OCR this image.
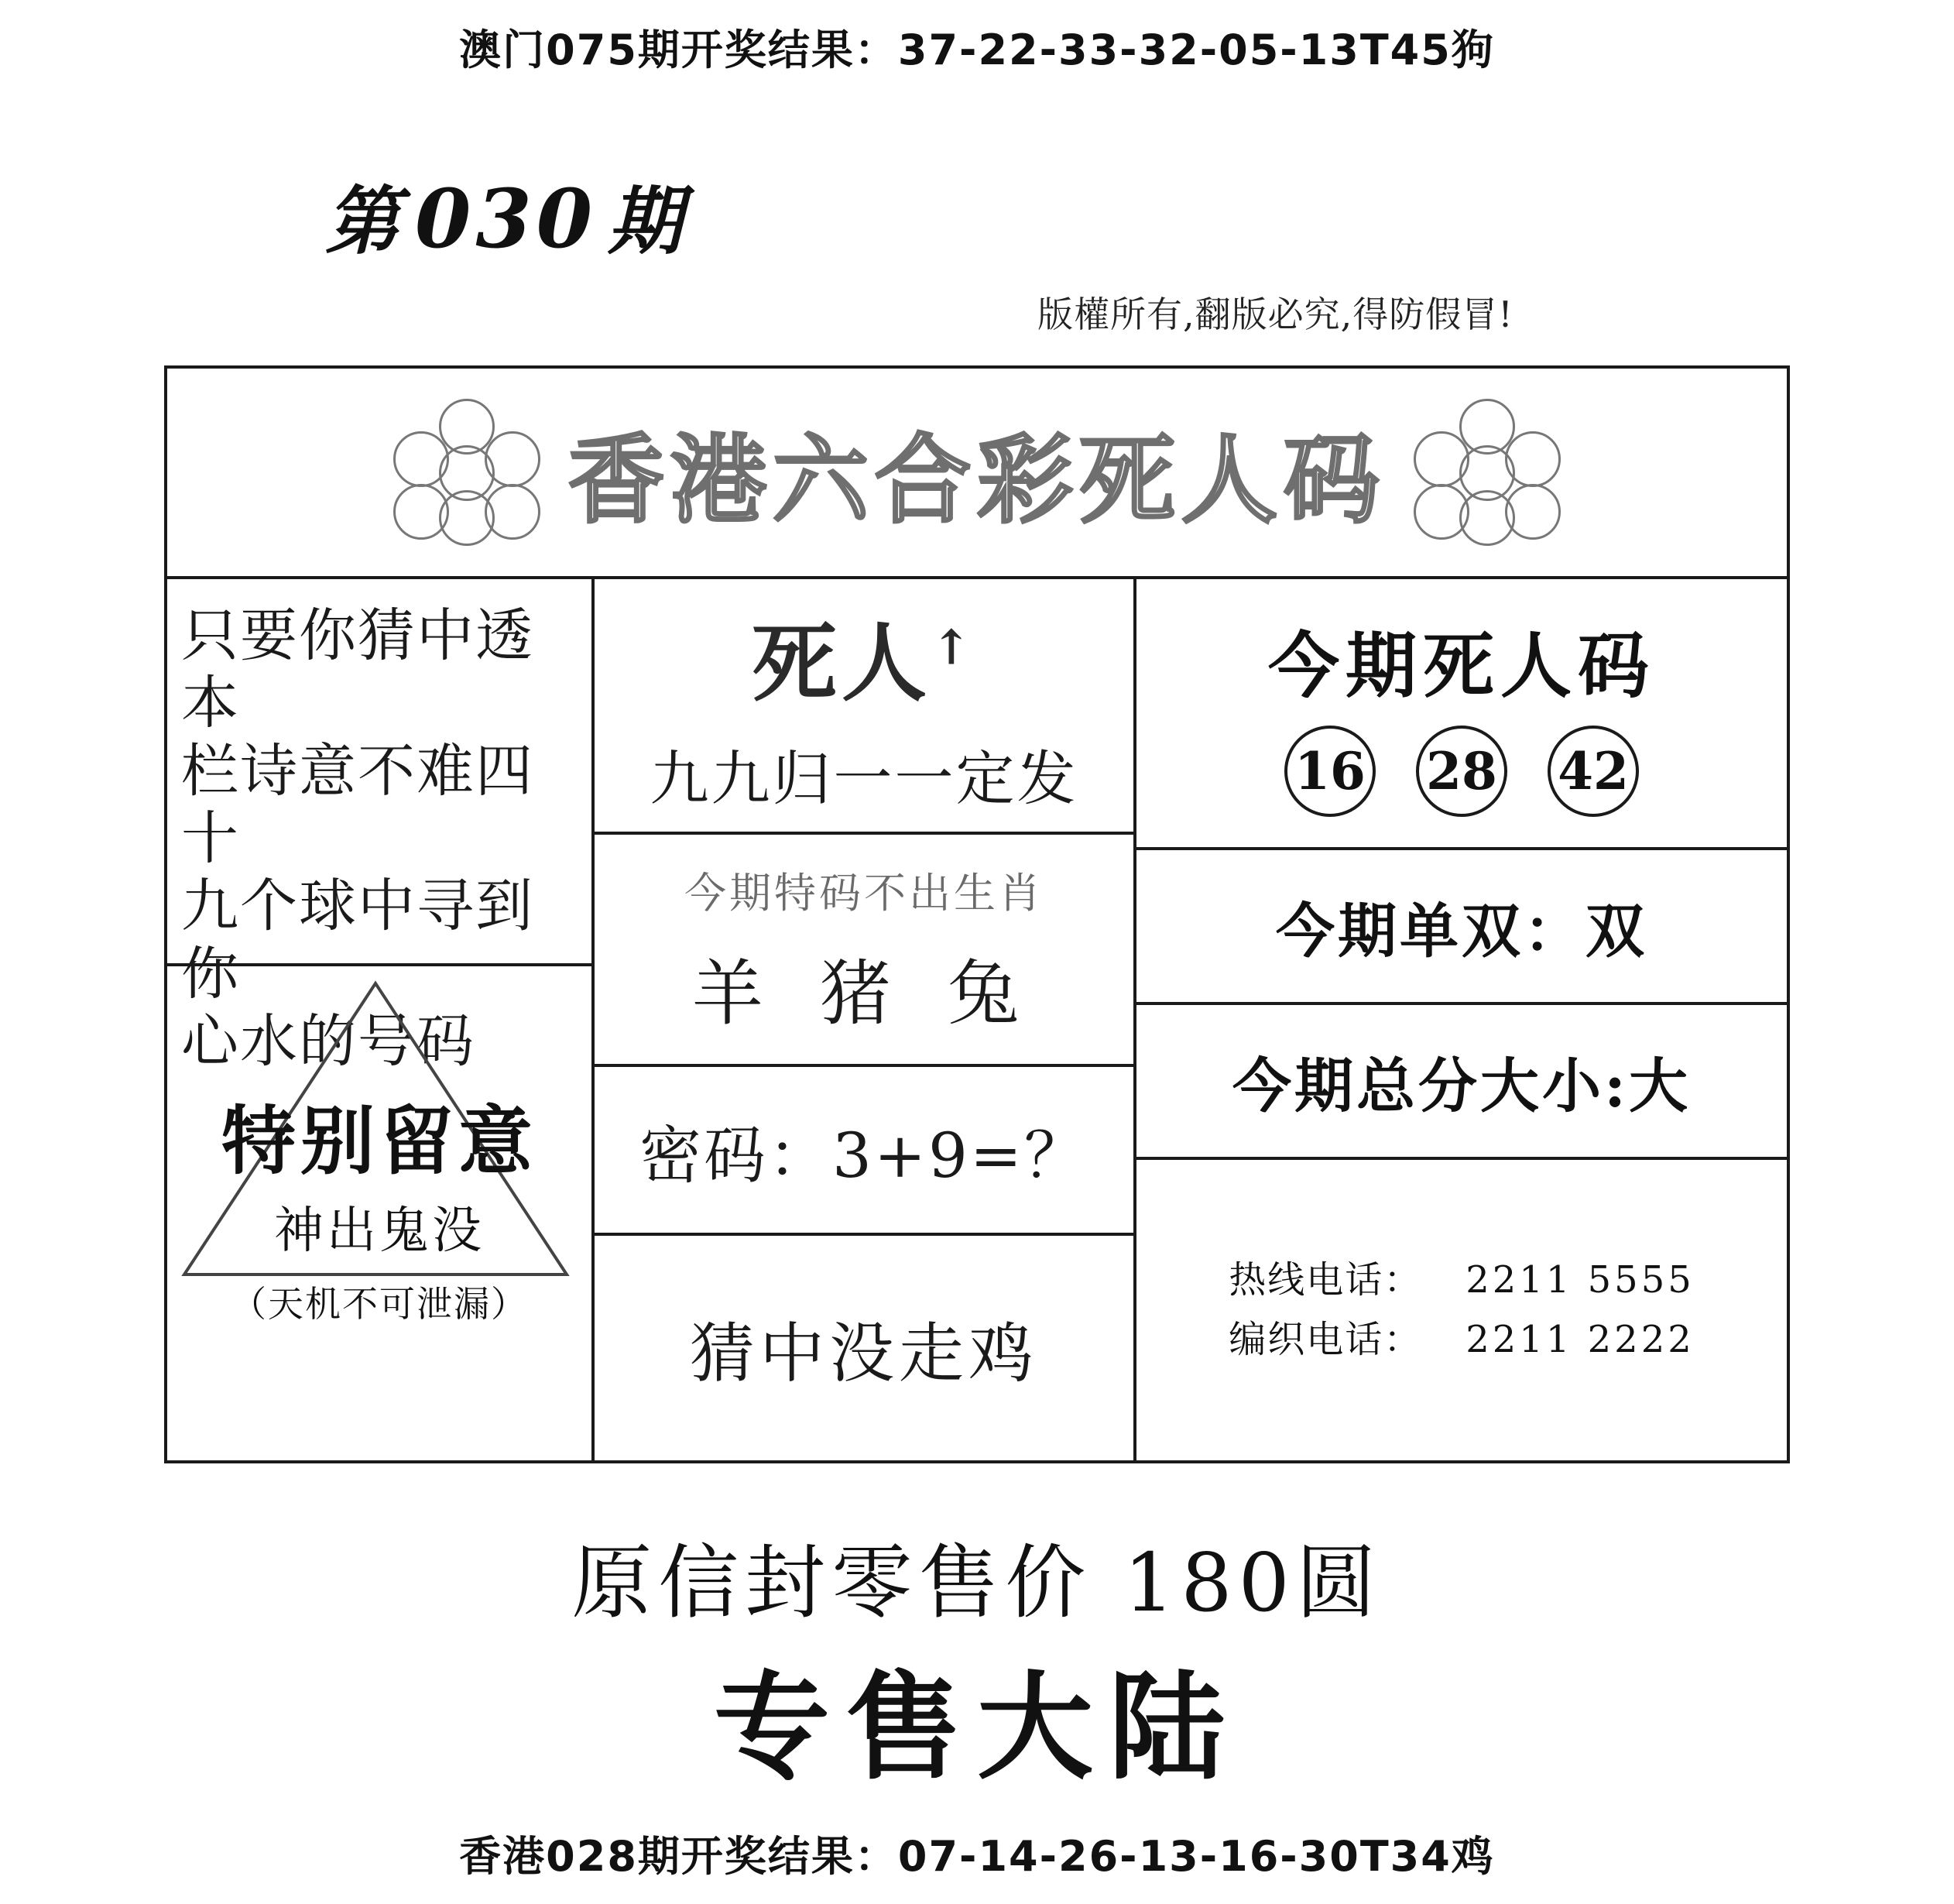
澳门075期开奖结果：37-22-33-32-05-13T45狗
第 030 期
版權所有,翻版必究,得防假冒!
香港六合彩死人码
只要你猜中透本
栏诗意不难四十
九个球中寻到你
心水的号码
特别留意
神出鬼没
（天机不可泄漏）
死人↑
九九归一一定发
今期特码不出生肖
羊 猪 兔
密码：3+9=？
猜中没走鸡
今期死人码
16 28 42
今期单双：双
今期总分大小:大
热线电话：	2211 5555
编织电话：	2211 2222
原信封零售价 180圆
专售大陆
香港028期开奖结果：07-14-26-13-16-30T34鸡
